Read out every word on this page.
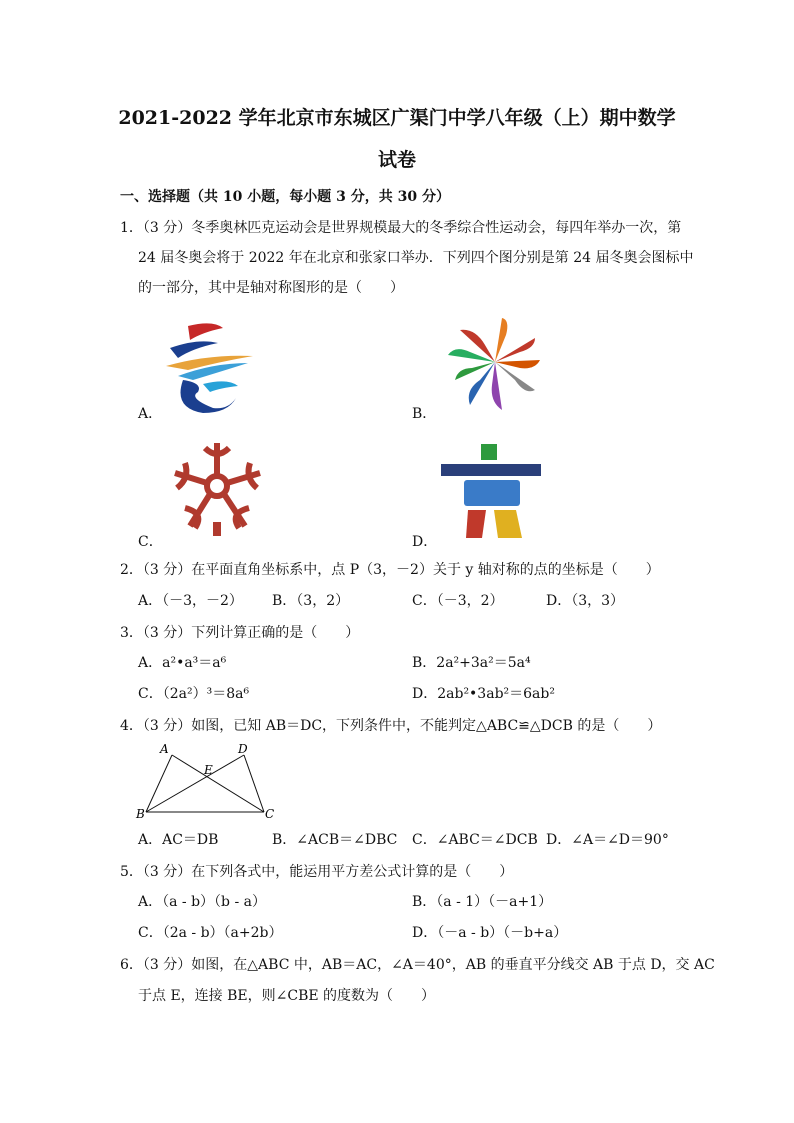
2021-2022 学年北京市东城区广渠门中学八年级（上）期中数学
试卷
一、选择题（共 10 小题，每小题 3 分，共 30 分）
1．（3 分）冬季奥林匹克运动会是世界规模最大的冬季综合性运动会，每四年举办一次，第
24 届冬奥会将于 2022 年在北京和张家口举办．下列四个图分别是第 24 届冬奥会图标中
的一部分，其中是轴对称图形的是（　　）
A．	B．
C．	D．
2．（3 分）在平面直角坐标系中，点 P（3，－2）关于 y 轴对称的点的坐标是（　　）
A．（－3，－2） B．（3，2）	C．（－3，2）	D．（3，3）
3．（3 分）下列计算正确的是（　　）
A．a²•a³＝a⁶	B．2a²+3a²＝5a⁴
C．（2a²）³＝8a⁶	D．2ab²•3ab²＝6ab²
4．（3 分）如图，已知 AB＝DC，下列条件中，不能判定△ABC≌△DCB 的是（　　）
A	D
E
B	C
A．AC＝DB	B．∠ACB＝∠DBC C．∠ABC＝∠DCB D．∠A＝∠D＝90°
5．（3 分）在下列各式中，能运用平方差公式计算的是（　　）
A．（a - b）（b - a）	B．（a - 1）（－a+1）
C．（2a - b）（a+2b）	D．（－a - b）（－b+a）
6．（3 分）如图，在△ABC 中，AB＝AC，∠A＝40°，AB 的垂直平分线交 AB 于点 D，交 AC
于点 E，连接 BE，则∠CBE 的度数为（　　）
